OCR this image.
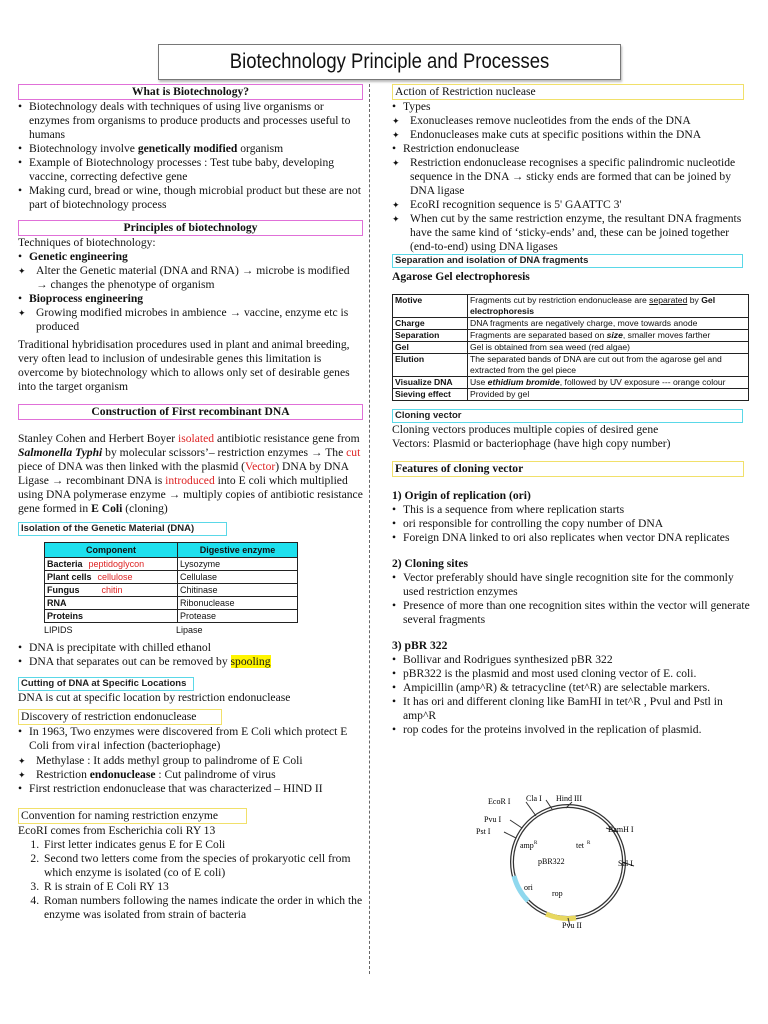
Biotechnology Principle and Processes
What is Biotechnology?
• Biotechnology deals with techniques of using live organisms or enzymes from organisms to produce products and processes useful to humans
• Biotechnology involve genetically modified organism
• Example of Biotechnology processes : Test tube baby, developing vaccine, correcting defective gene
• Making curd, bread or wine, though microbial product but these are not part of biotechnology process
Principles of biotechnology
Techniques of biotechnology:
• Genetic engineering
✦ Alter the Genetic material (DNA and RNA) → microbe is modified → changes the phenotype of organism
• Bioprocess engineering
✦ Growing modified microbes in ambience → vaccine, enzyme etc is produced
Traditional hybridisation procedures used in plant and animal breeding, very often lead to inclusion of undesirable genes this limitation is overcome by biotechnology which to allows only set of desirable genes into the target organism
Construction of First recombinant DNA
Stanley Cohen and Herbert Boyer isolated antibiotic resistance gene from Salmonella Typhi by molecular scissors’– restriction enzymes → The cut piece of DNA was then linked with the plasmid (Vector) DNA by DNA Ligase → recombinant DNA is introduced into E coli which multiplied using DNA polymerase enzyme → multiply copies of antibiotic resistance gene formed in E Coli (cloning)
Isolation of the Genetic Material (DNA)
Component	Digestive enzyme
Bacteria peptidoglycon	Lysozyme
Plant cells cellulose	Cellulase
Fungus chitin	Chitinase
RNA	Ribonuclease
Proteins	Protease
LIPIDS	Lipase
• DNA is precipitate with chilled ethanol
• DNA that separates out can be removed by spooling
Cutting of DNA at Specific Locations
DNA is cut at specific location by restriction endonuclease
Discovery of restriction endonuclease
• In 1963, Two enzymes were discovered from E Coli which protect E Coli from viral infection (bacteriophage)
✦ Methylase : It adds methyl group to palindrome of E Coli
✦ Restriction endonuclease : Cut palindrome of virus
• First restriction endonuclease that was characterized – HIND II
Convention for naming restriction enzyme
EcoRI comes from Escherichia coli RY 13
1. First letter indicates genus E for E Coli
2. Second two letters come from the species of prokaryotic cell from which enzyme is isolated (co of E coli)
3. R is strain of E Coli RY 13
4. Roman numbers following the names indicate the order in which the enzyme was isolated from strain of bacteria
Action of Restriction nuclease
• Types
✦ Exonucleases remove nucleotides from the ends of the DNA
✦ Endonucleases make cuts at specific positions within the DNA
• Restriction endonuclease
✦ Restriction endonuclease recognises a specific palindromic nucleotide sequence in the DNA → sticky ends are formed that can be joined by DNA ligase
✦ EcoRI recognition sequence is 5' GAATTC 3'
✦ When cut by the same restriction enzyme, the resultant DNA fragments have the same kind of ‘sticky-ends’ and, these can be joined together (end-to-end) using DNA ligases
Separation and isolation of DNA fragments
Agarose Gel electrophoresis
Motive	Fragments cut by restriction endonuclease are separated by Gel electrophoresis
Charge	DNA fragments are negatively charge, move towards anode
Separation	Fragments are separated based on size, smaller moves farther
Gel	Gel is obtained from sea weed (red algae)
Elution	The separated bands of DNA are cut out from the agarose gel and extracted from the gel piece
Visualize DNA	Use ethidium bromide, followed by UV exposure --- orange colour
Sieving effect	Provided by gel
Cloning vector
Cloning vectors produces multiple copies of desired gene
Vectors: Plasmid or bacteriophage (have high copy number)
Features of cloning vector
1) Origin of replication (ori)
• This is a sequence from where replication starts
• ori responsible for controlling the copy number of DNA
• Foreign DNA linked to ori also replicates when vector DNA replicates
2) Cloning sites
• Vector preferably should have single recognition site for the commonly used restriction enzymes
• Presence of more than one recognition sites within the vector will generate several fragments
3) pBR 322
• Bollivar and Rodrigues synthesized pBR 322
• pBR322 is the plasmid and most used cloning vector of E. coli.
• Ampicillin (amp^R) & tetracycline (tet^R) are selectable markers.
• It has ori and different cloning like BamHI in tet^R , Pvul and Pstl in amp^R
• rop codes for the proteins involved in the replication of plasmid.
EcoR I Cla I Hind III
Pvu I
Pst I	BamH I
amp R	tet R
pBR322	Sal I
ori
rop
Pvu II
